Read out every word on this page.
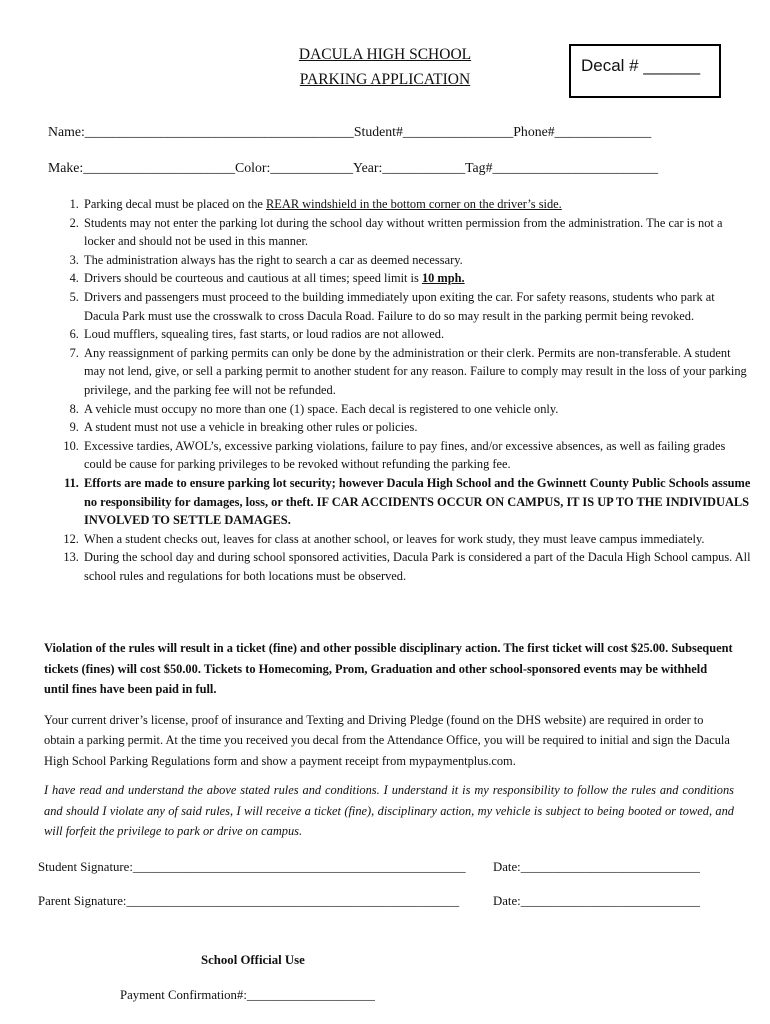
DACULA HIGH SCHOOL
PARKING APPLICATION
Decal # ______
Name:_______________________________________Student#________________Phone#______________
Make:______________________Color:____________Year:____________Tag#________________________
1. Parking decal must be placed on the REAR windshield in the bottom corner on the driver’s side.
2. Students may not enter the parking lot during the school day without written permission from the administration. The car is not a locker and should not be used in this manner.
3. The administration always has the right to search a car as deemed necessary.
4. Drivers should be courteous and cautious at all times; speed limit is 10 mph.
5. Drivers and passengers must proceed to the building immediately upon exiting the car. For safety reasons, students who park at Dacula Park must use the crosswalk to cross Dacula Road. Failure to do so may result in the parking permit being revoked.
6. Loud mufflers, squealing tires, fast starts, or loud radios are not allowed.
7. Any reassignment of parking permits can only be done by the administration or their clerk. Permits are non-transferable. A student may not lend, give, or sell a parking permit to another student for any reason. Failure to comply may result in the loss of your parking privilege, and the parking fee will not be refunded.
8. A vehicle must occupy no more than one (1) space. Each decal is registered to one vehicle only.
9. A student must not use a vehicle in breaking other rules or policies.
10. Excessive tardies, AWOL’s, excessive parking violations, failure to pay fines, and/or excessive absences, as well as failing grades could be cause for parking privileges to be revoked without refunding the parking fee.
11. Efforts are made to ensure parking lot security; however Dacula High School and the Gwinnett County Public Schools assume no responsibility for damages, loss, or theft. IF CAR ACCIDENTS OCCUR ON CAMPUS, IT IS UP TO THE INDIVIDUALS INVOLVED TO SETTLE DAMAGES.
12. When a student checks out, leaves for class at another school, or leaves for work study, they must leave campus immediately.
13. During the school day and during school sponsored activities, Dacula Park is considered a part of the Dacula High School campus. All school rules and regulations for both locations must be observed.

Violation of the rules will result in a ticket (fine) and other possible disciplinary action. The first ticket will cost $25.00. Subsequent tickets (fines) will cost $50.00. Tickets to Homecoming, Prom, Graduation and other school-sponsored events may be withheld until fines have been paid in full.

Your current driver’s license, proof of insurance and Texting and Driving Pledge (found on the DHS website) are required in order to obtain a parking permit. At the time you received you decal from the Attendance Office, you will be required to initial and sign the Dacula High School Parking Regulations form and show a payment receipt from mypaymentplus.com.

I have read and understand the above stated rules and conditions. I understand it is my responsibility to follow the rules and conditions and should I violate any of said rules, I will receive a ticket (fine), disciplinary action, my vehicle is subject to being booted or towed, and will forfeit the privilege to park or drive on campus.

Student Signature:____________________________________________________ Date:____________________________
Parent Signature:____________________________________________________	Date:____________________________
School Official Use
Payment Confirmation#:____________________
